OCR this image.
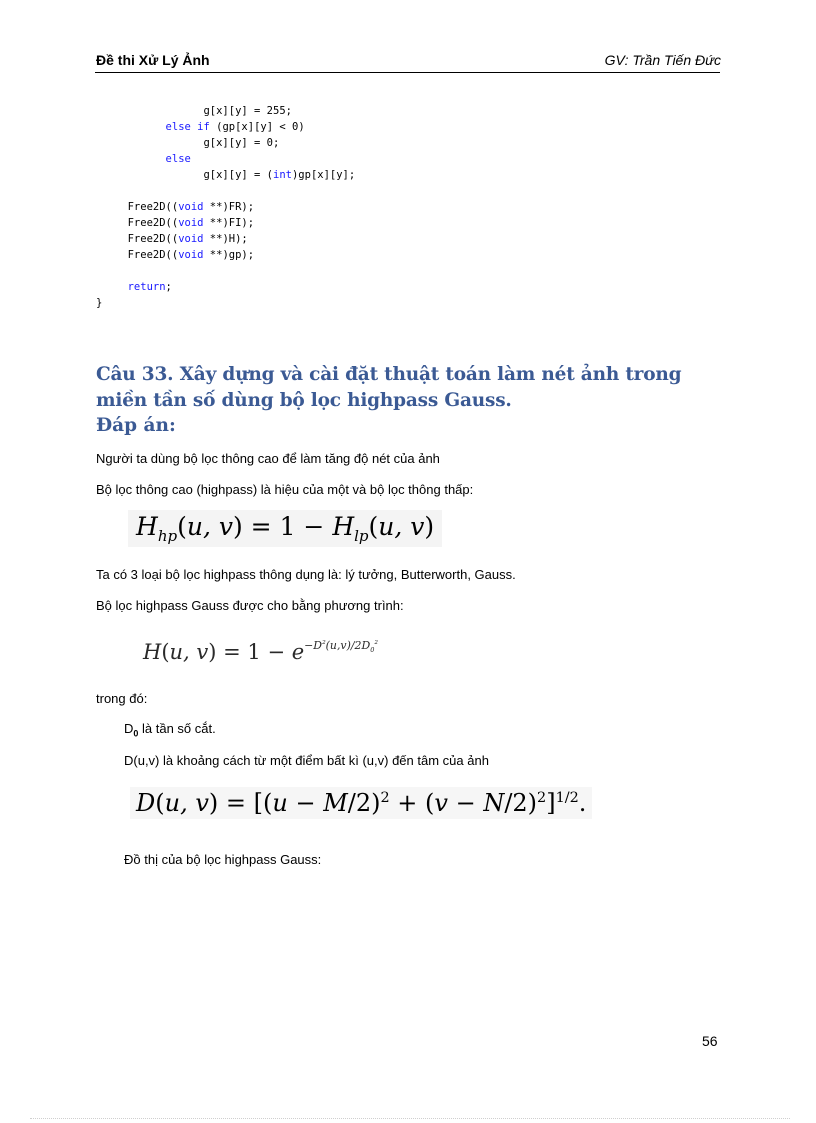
Đề thi Xử Lý Ảnh	GV: Trần Tiến Đức
g[x][y] = 255;
else if (gp[x][y] < 0)
g[x][y] = 0;
else
g[x][y] = (int)gp[x][y];

Free2D((void **)FR);
Free2D((void **)FI);
Free2D((void **)H);
Free2D((void **)gp);

return;
}
Câu 33. Xây dựng và cài đặt thuật toán làm nét ảnh trong miền tần số dùng bộ lọc highpass Gauss.
Đáp án:
Người ta dùng bộ lọc thông cao để làm tăng độ nét của ảnh
Bộ lọc thông cao (highpass) là hiệu của một và bộ lọc thông thấp:
$H_{hp}(u$, $v) = 1 - H_{lp}(u$, v)
Ta có 3 loại bộ lọc highpass thông dụng là: lý tưởng, Butterworth, Gauss.
Bộ lọc highpass Gauss được cho bằng phương trình:
H(u, $v) = 1 - e^{-D^2(u,v)/2D_0^2}$
trong đó:
$D_0$ là tần số cắt.
D(u,v) là khoảng cách từ một điểm bất kì (u,v) đến tâm của ảnh
D(u, $v) = [(u - M/2)^2 + (v - N/2)^2]^{1/2}$.
Đồ thị của bộ lọc highpass Gauss:
56
